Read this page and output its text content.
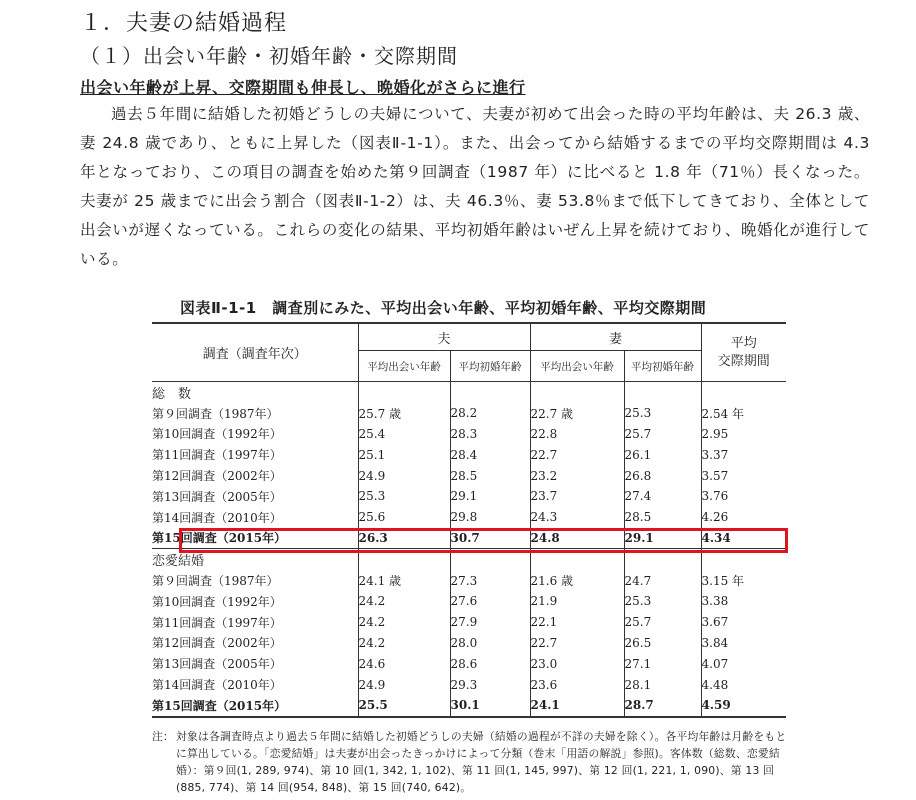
１．夫妻の結婚過程
（１）出会い年齢・初婚年齢・交際期間
出会い年齢が上昇、交際期間も伸長し、晩婚化がさらに進行
過去５年間に結婚した初婚どうしの夫婦について、夫妻が初めて出会った時の平均年齢は、夫 26.3 歳、妻 24.8 歳であり、ともに上昇した（図表Ⅱ-1-1）。また、出会ってから結婚するまでの平均交際期間は 4.3 年となっており、この項目の調査を始めた第９回調査（1987 年）に比べると 1.8 年（71％）長くなった。夫妻が 25 歳までに出会う割合（図表Ⅱ-1-2）は、夫 46.3％、妻 53.8％まで低下してきており、全体として出会いが遅くなっている。これらの変化の結果、平均初婚年齢はいぜん上昇を続けており、晩婚化が進行している。
図表Ⅱ-1-1　調査別にみた、平均出会い年齢、平均初婚年齢、平均交際期間
調査（調査年次）	夫		妻		平均
交際期間
	平均出会い年齢	平均初婚年齢	平均出会い年齢	平均初婚年齢	
総　数					
第９回調査（1987年）	25.7 歳	28.2	22.7 歳	25.3	2.54 年
第10回調査（1992年）	25.4	28.3	22.8	25.7	2.95
第11回調査（1997年）	25.1	28.4	22.7	26.1	3.37
第12回調査（2002年）	24.9	28.5	23.2	26.8	3.57
第13回調査（2005年）	25.3	29.1	23.7	27.4	3.76
第14回調査（2010年）	25.6	29.8	24.3	28.5	4.26
第15回調査（2015年）	26.3	30.7	24.8	29.1	4.34
恋愛結婚					
第９回調査（1987年）	24.1 歳	27.3	21.6 歳	24.7	3.15 年
第10回調査（1992年）	24.2	27.6	21.9	25.3	3.38
第11回調査（1997年）	24.2	27.9	22.1	25.7	3.67
第12回調査（2002年）	24.2	28.0	22.7	26.5	3.84
第13回調査（2005年）	24.6	28.6	23.0	27.1	4.07
第14回調査（2010年）	24.9	29.3	23.6	28.1	4.48
第15回調査（2015年）	25.5	30.1	24.1	28.7	4.59
注： 対象は各調査時点より過去５年間に結婚した初婚どうしの夫婦（結婚の過程が不詳の夫婦を除く）。各平均年齢は月齢をもとに算出している。「恋愛結婚」は夫妻が出会ったきっかけによって分類（巻末「用語の解説」参照)。客体数（総数、恋愛結婚）：第９回(1, 289, 974)、第 10 回(1, 342, 1, 102)、第 11 回(1, 145, 997)、第 12 回(1, 221, 1, 090)、第 13 回(885, 774)、第 14 回(954, 848)、第 15 回(740, 642)。
